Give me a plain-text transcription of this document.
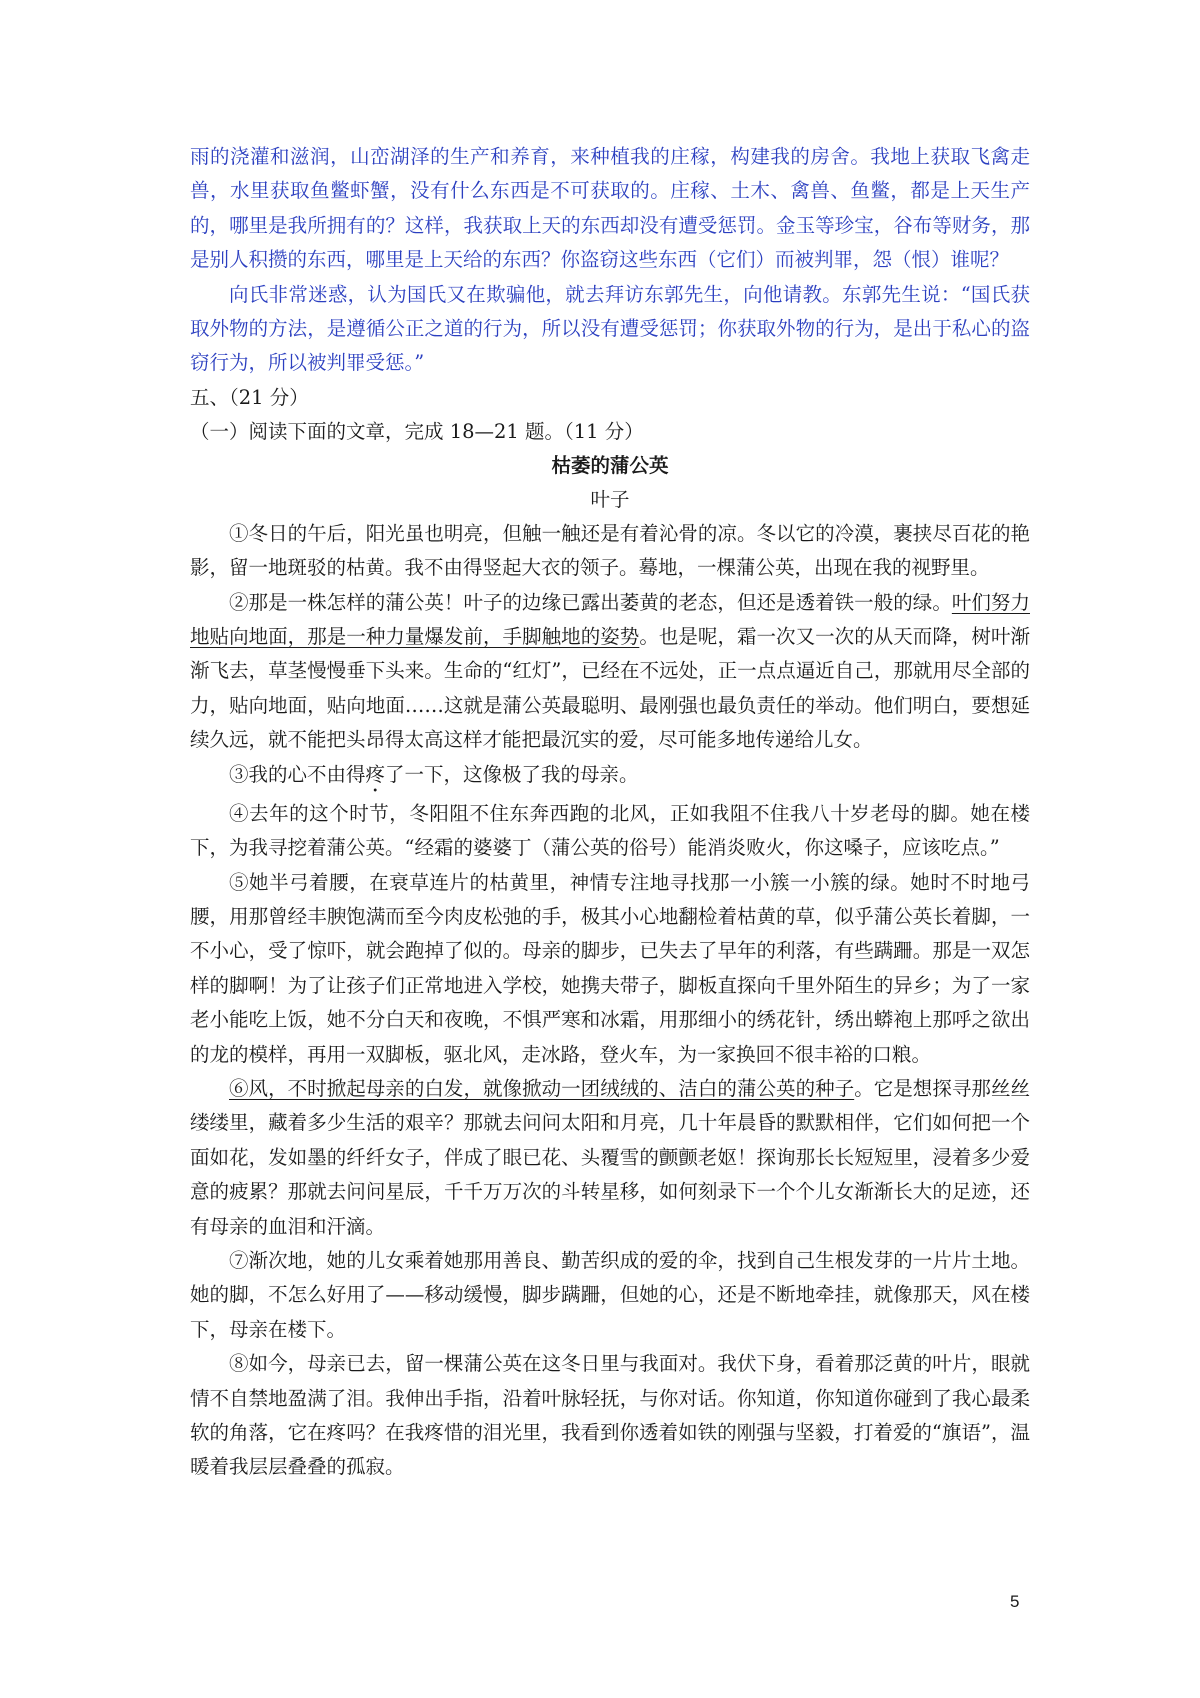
雨的浇灌和滋润，山峦湖泽的生产和养育，来种植我的庄稼，构建我的房舍。我地上获取飞禽走兽，水里获取鱼鳖虾蟹，没有什么东西是不可获取的。庄稼、土木、禽兽、鱼鳖，都是上天生产的，哪里是我所拥有的？这样，我获取上天的东西却没有遭受惩罚。金玉等珍宝，谷布等财务，那是别人积攒的东西，哪里是上天给的东西？你盗窃这些东西（它们）而被判罪，怨（恨）谁呢？

向氏非常迷惑，认为国氏又在欺骗他，就去拜访东郭先生，向他请教。东郭先生说：“国氏获取外物的方法，是遵循公正之道的行为，所以没有遭受惩罚；你获取外物的行为，是出于私心的盗窃行为，所以被判罪受惩。”

五、（21 分）

（一）阅读下面的文章，完成 18—21 题。（11 分）

枯萎的蒲公英

叶子

①冬日的午后，阳光虽也明亮，但触一触还是有着沁骨的凉。冬以它的冷漠，裹挟尽百花的艳影，留一地斑驳的枯黄。我不由得竖起大衣的领子。蓦地，一棵蒲公英，出现在我的视野里。

②那是一株怎样的蒲公英！叶子的边缘已露出萎黄的老态，但还是透着铁一般的绿。叶们努力地贴向地面，那是一种力量爆发前，手脚触地的姿势。也是呢，霜一次又一次的从天而降，树叶渐渐飞去，草茎慢慢垂下头来。生命的“红灯”，已经在不远处，正一点点逼近自己，那就用尽全部的力，贴向地面，贴向地面……这就是蒲公英最聪明、最刚强也最负责任的举动。他们明白，要想延续久远，就不能把头昂得太高这样才能把最沉实的爱，尽可能多地传递给儿女。

③我的心不由得疼了一下，这像极了我的母亲。

④去年的这个时节，冬阳阻不住东奔西跑的北风，正如我阻不住我八十岁老母的脚。她在楼下，为我寻挖着蒲公英。“经霜的婆婆丁（蒲公英的俗号）能消炎败火，你这嗓子，应该吃点。”

⑤她半弓着腰，在衰草连片的枯黄里，神情专注地寻找那一小簇一小簇的绿。她时不时地弓腰，用那曾经丰腴饱满而至今肉皮松弛的手，极其小心地翻检着枯黄的草，似乎蒲公英长着脚，一不小心，受了惊吓，就会跑掉了似的。母亲的脚步，已失去了早年的利落，有些蹒跚。那是一双怎样的脚啊！为了让孩子们正常地进入学校，她携夫带子，脚板直探向千里外陌生的异乡；为了一家老小能吃上饭，她不分白天和夜晚，不惧严寒和冰霜，用那细小的绣花针，绣出蟒袍上那呼之欲出的龙的模样，再用一双脚板，驱北风，走冰路，登火车，为一家换回不很丰裕的口粮。

⑥风，不时掀起母亲的白发，就像掀动一团绒绒的、洁白的蒲公英的种子。它是想探寻那丝丝缕缕里，藏着多少生活的艰辛？那就去问问太阳和月亮，几十年晨昏的默默相伴，它们如何把一个面如花，发如墨的纤纤女子，伴成了眼已花、头覆雪的颤颤老妪！探询那长长短短里，浸着多少爱意的疲累？那就去问问星辰，千千万万次的斗转星移，如何刻录下一个个儿女渐渐长大的足迹，还有母亲的血泪和汗滴。

⑦渐次地，她的儿女乘着她那用善良、勤苦织成的爱的伞，找到自己生根发芽的一片片土地。她的脚，不怎么好用了——移动缓慢，脚步蹒跚，但她的心，还是不断地牵挂，就像那天，风在楼下，母亲在楼下。

⑧如今，母亲已去，留一棵蒲公英在这冬日里与我面对。我伏下身，看着那泛黄的叶片，眼就情不自禁地盈满了泪。我伸出手指，沿着叶脉轻抚，与你对话。你知道，你知道你碰到了我心最柔软的角落，它在疼吗？在我疼惜的泪光里，我看到你透着如铁的刚强与坚毅，打着爱的“旗语”，温暖着我层层叠叠的孤寂。

5
